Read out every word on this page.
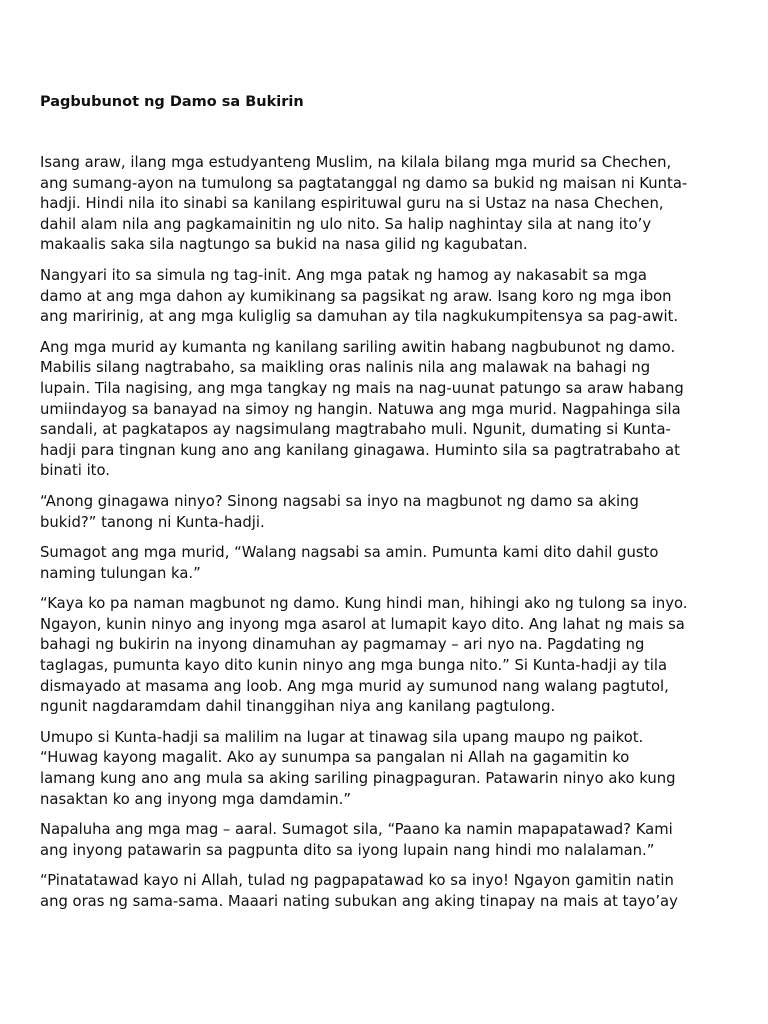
Pagbubunot ng Damo sa Bukirin

Isang araw, ilang mga estudyanteng Muslim, na kilala bilang mga murid sa Chechen,
ang sumang-ayon na tumulong sa pagtatanggal ng damo sa bukid ng maisan ni Kunta-
hadji. Hindi nila ito sinabi sa kanilang espirituwal guru na si Ustaz na nasa Chechen,
dahil alam nila ang pagkamainitin ng ulo nito. Sa halip naghintay sila at nang ito’y
makaalis saka sila nagtungo sa bukid na nasa gilid ng kagubatan.

Nangyari ito sa simula ng tag-init. Ang mga patak ng hamog ay nakasabit sa mga
damo at ang mga dahon ay kumikinang sa pagsikat ng araw. Isang koro ng mga ibon
ang maririnig, at ang mga kuliglig sa damuhan ay tila nagkukumpitensya sa pag-awit.

Ang mga murid ay kumanta ng kanilang sariling awitin habang nagbubunot ng damo.
Mabilis silang nagtrabaho, sa maikling oras nalinis nila ang malawak na bahagi ng
lupain. Tila nagising, ang mga tangkay ng mais na nag-uunat patungo sa araw habang
umiindayog sa banayad na simoy ng hangin. Natuwa ang mga murid. Nagpahinga sila
sandali, at pagkatapos ay nagsimulang magtrabaho muli. Ngunit, dumating si Kunta-
hadji para tingnan kung ano ang kanilang ginagawa. Huminto sila sa pagtratrabaho at
binati ito.

“Anong ginagawa ninyo? Sinong nagsabi sa inyo na magbunot ng damo sa aking
bukid?” tanong ni Kunta-hadji.

Sumagot ang mga murid, “Walang nagsabi sa amin. Pumunta kami dito dahil gusto
naming tulungan ka.”

“Kaya ko pa naman magbunot ng damo. Kung hindi man, hihingi ako ng tulong sa inyo.
Ngayon, kunin ninyo ang inyong mga asarol at lumapit kayo dito. Ang lahat ng mais sa
bahagi ng bukirin na inyong dinamuhan ay pagmamay – ari nyo na. Pagdating ng
taglagas, pumunta kayo dito kunin ninyo ang mga bunga nito.” Si Kunta-hadji ay tila
dismayado at masama ang loob. Ang mga murid ay sumunod nang walang pagtutol,
ngunit nagdaramdam dahil tinanggihan niya ang kanilang pagtulong.

Umupo si Kunta-hadji sa malilim na lugar at tinawag sila upang maupo ng paikot.
“Huwag kayong magalit. Ako ay sunumpa sa pangalan ni Allah na gagamitin ko
lamang kung ano ang mula sa aking sariling pinagpaguran. Patawarin ninyo ako kung
nasaktan ko ang inyong mga damdamin.”

Napaluha ang mga mag – aaral. Sumagot sila, “Paano ka namin mapapatawad? Kami
ang inyong patawarin sa pagpunta dito sa iyong lupain nang hindi mo nalalaman.”

“Pinatatawad kayo ni Allah, tulad ng pagpapatawad ko sa inyo! Ngayon gamitin natin
ang oras ng sama-sama. Maaari nating subukan ang aking tinapay na mais at tayo’ay
